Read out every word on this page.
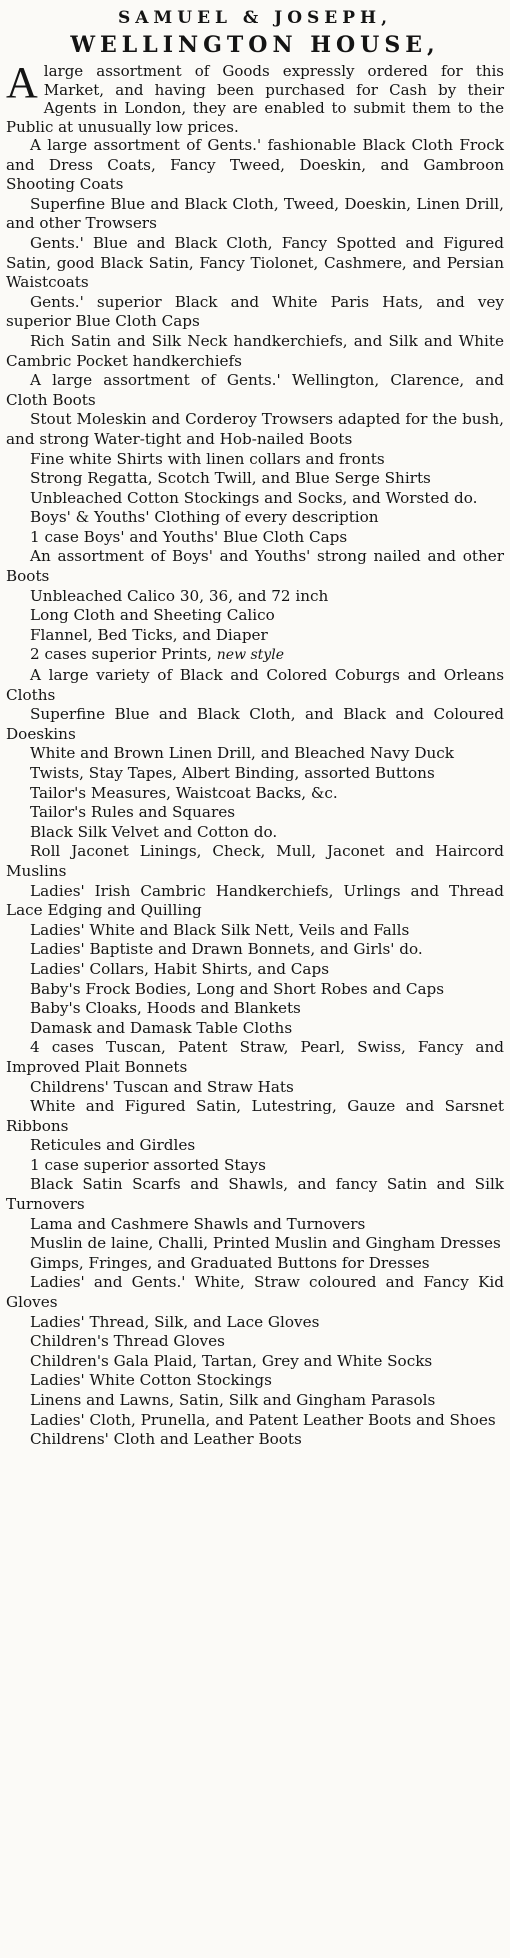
SAMUEL & JOSEPH,

WELLINGTON HOUSE,

Alarge assortment of Goods expressly ordered for this Market, and having been purchased for Cash by their Agents in London, they are enabled to submit them to the Public at unusually low prices.

A large assortment of Gents.' fashionable Black Cloth Frock and Dress Coats, Fancy Tweed, Doeskin, and Gambroon Shooting Coats
Superfine Blue and Black Cloth, Tweed, Doeskin, Linen Drill, and other Trowsers
Gents.' Blue and Black Cloth, Fancy Spotted and Figured Satin, good Black Satin, Fancy Tiolonet, Cashmere, and Persian Waistcoats
Gents.' superior Black and White Paris Hats, and vey superior Blue Cloth Caps
Rich Satin and Silk Neck handkerchiefs, and Silk and White Cambric Pocket handkerchiefs
A large assortment of Gents.' Wellington, Clarence, and Cloth Boots
Stout Moleskin and Corderoy Trowsers adapted for the bush, and strong Water-tight and Hob-nailed Boots
Fine white Shirts with linen collars and fronts
Strong Regatta, Scotch Twill, and Blue Serge Shirts
Unbleached Cotton Stockings and Socks, and Worsted do.
Boys' & Youths' Clothing of every description
1 case Boys' and Youths' Blue Cloth Caps
An assortment of Boys' and Youths' strong nailed and other Boots
Unbleached Calico 30, 36, and 72 inch
Long Cloth and Sheeting Calico
Flannel, Bed Ticks, and Diaper
2 cases superior Prints, new style
A large variety of Black and Colored Coburgs and Orleans Cloths
Superfine Blue and Black Cloth, and Black and Coloured Doeskins
White and Brown Linen Drill, and Bleached Navy Duck
Twists, Stay Tapes, Albert Binding, assorted Buttons
Tailor's Measures, Waistcoat Backs, &c.
Tailor's Rules and Squares
Black Silk Velvet and Cotton do.
Roll Jaconet Linings, Check, Mull, Jaconet and Haircord Muslins
Ladies' Irish Cambric Handkerchiefs, Urlings and Thread Lace Edging and Quilling
Ladies' White and Black Silk Nett, Veils and Falls
Ladies' Baptiste and Drawn Bonnets, and Girls' do.
Ladies' Collars, Habit Shirts, and Caps
Baby's Frock Bodies, Long and Short Robes and Caps
Baby's Cloaks, Hoods and Blankets
Damask and Damask Table Cloths
4 cases Tuscan, Patent Straw, Pearl, Swiss, Fancy and Improved Plait Bonnets
Childrens' Tuscan and Straw Hats
White and Figured Satin, Lutestring, Gauze and Sarsnet Ribbons
Reticules and Girdles
1 case superior assorted Stays
Black Satin Scarfs and Shawls, and fancy Satin and Silk Turnovers
Lama and Cashmere Shawls and Turnovers
Muslin de laine, Challi, Printed Muslin and Gingham Dresses
Gimps, Fringes, and Graduated Buttons for Dresses
Ladies' and Gents.' White, Straw coloured and Fancy Kid Gloves
Ladies' Thread, Silk, and Lace Gloves
Children's Thread Gloves
Children's Gala Plaid, Tartan, Grey and White Socks
Ladies' White Cotton Stockings
Linens and Lawns, Satin, Silk and Gingham Parasols
Ladies' Cloth, Prunella, and Patent Leather Boots and Shoes
Childrens' Cloth and Leather Boots
